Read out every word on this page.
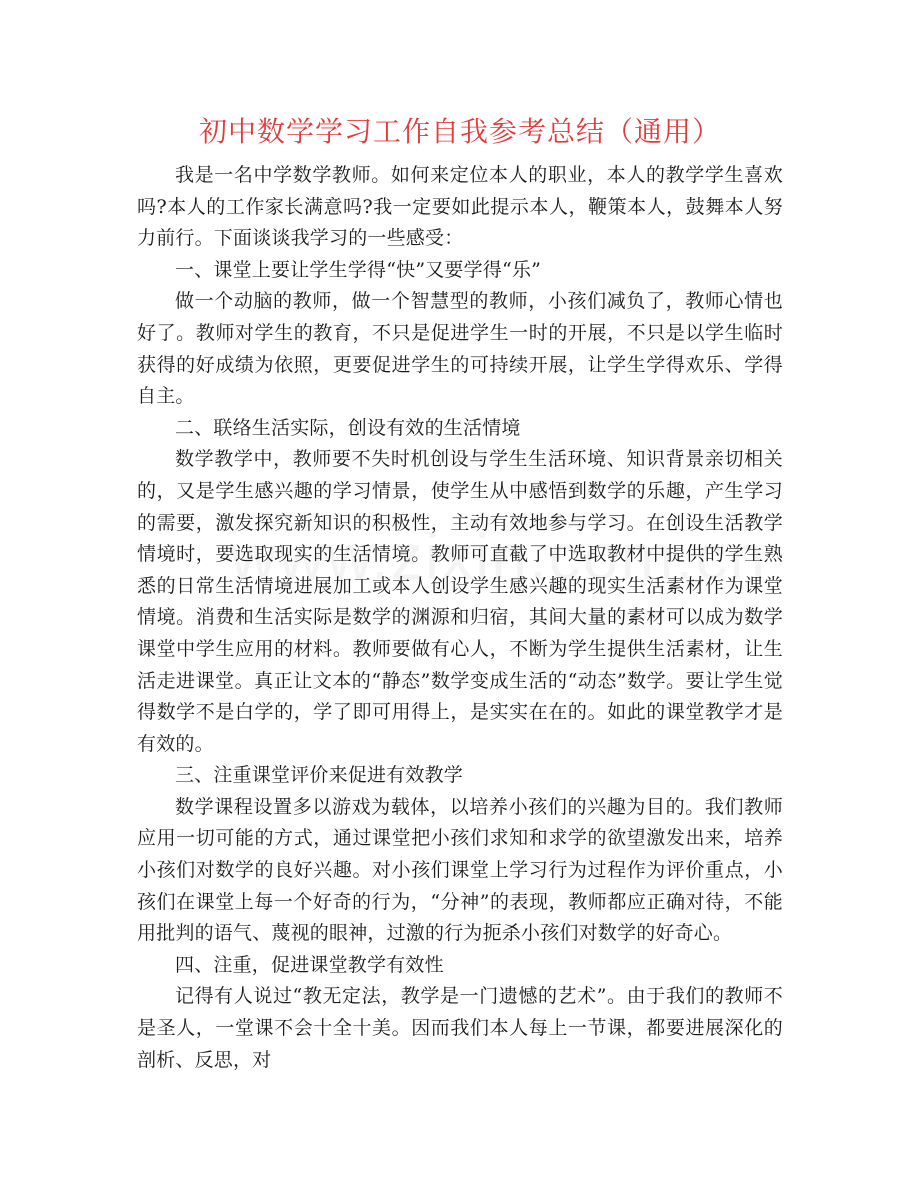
初中数学学习工作自我参考总结（通用）

我是一名中学数学教师。如何来定位本人的职业，本人的教学学生喜欢吗?本人的工作家长满意吗?我一定要如此提示本人，鞭策本人，鼓舞本人努力前行。下面谈谈我学习的一些感受：

一、课堂上要让学生学得“快”又要学得“乐”

做一个动脑的教师，做一个智慧型的教师，小孩们减负了，教师心情也好了。教师对学生的教育，不只是促进学生一时的开展，不只是以学生临时获得的好成绩为依照，更要促进学生的可持续开展，让学生学得欢乐、学得自主。

二、联络生活实际，创设有效的生活情境

数学教学中，教师要不失时机创设与学生生活环境、知识背景亲切相关的，又是学生感兴趣的学习情景，使学生从中感悟到数学的乐趣，产生学习的需要，激发探究新知识的积极性，主动有效地参与学习。在创设生活教学情境时，要选取现实的生活情境。教师可直截了中选取教材中提供的学生熟悉的日常生活情境进展加工或本人创设学生感兴趣的现实生活素材作为课堂情境。消费和生活实际是数学的渊源和归宿，其间大量的素材可以成为数学课堂中学生应用的材料。教师要做有心人，不断为学生提供生活素材，让生活走进课堂。真正让文本的“静态”数学变成生活的“动态”数学。要让学生觉得数学不是白学的，学了即可用得上，是实实在在的。如此的课堂教学才是有效的。

三、注重课堂评价来促进有效教学

数学课程设置多以游戏为载体，以培养小孩们的兴趣为目的。我们教师应用一切可能的方式，通过课堂把小孩们求知和求学的欲望激发出来，培养小孩们对数学的良好兴趣。对小孩们课堂上学习行为过程作为评价重点，小孩们在课堂上每一个好奇的行为，“分神”的表现，教师都应正确对待，不能用批判的语气、蔑视的眼神，过激的行为扼杀小孩们对数学的好奇心。

四、注重，促进课堂教学有效性

记得有人说过“教无定法，教学是一门遗憾的艺术”。由于我们的教师不是圣人，一堂课不会十全十美。因而我们本人每上一节课，都要进展深化的剖析、反思，对
